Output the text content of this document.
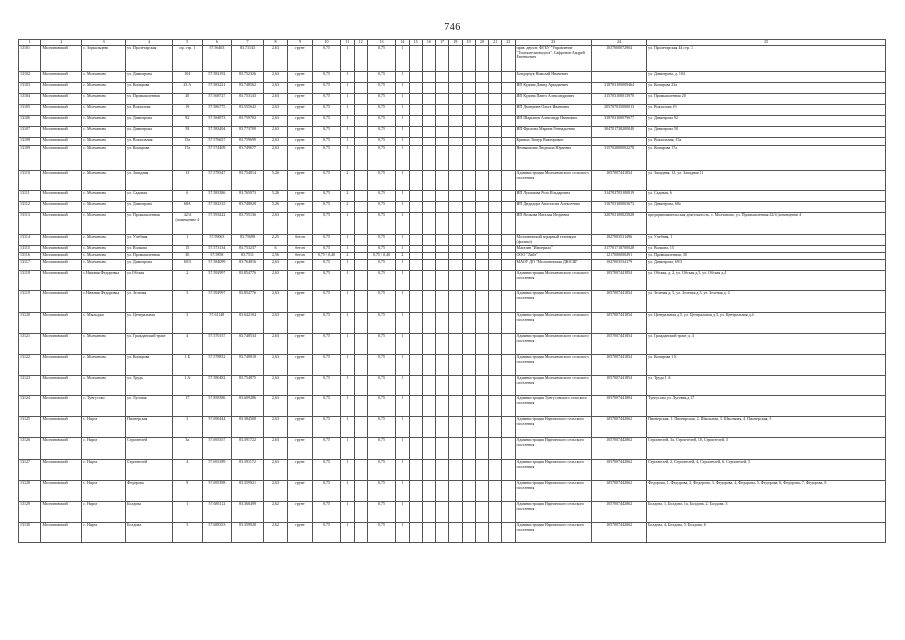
746
1	2	3	4	5	6	7	8	9	10	11	12	13	14	15	16	17	18	19	20	21	22	23	24	25
13101	Молчановский	с. Зоркальцево	ул. Пролетарская	пр. стр. 1	57.56463	83.73143	2,63	грунт	0,75	1		0,75	1									прав. двухэт. ФГБУ "Управление "Томскмелиоводхоз". Сафронов Андрей Евгеньевич	1037000072904	ул. Пролетарская 44 стр. 1
13102	Молчановский	с. Молчаново	ул. Димитрова	104	57.582192	83.752326	2,63	грунт	0,75	1		0,75	1									Бондарчук Николай Иванович		ул. Димитрова, д. 104
13103	Молчановский	с. Молчаново	ул. Комарова	23 А	57.583221	83.748562	2,63	грунт	0,75	1		0,75	1									ИП Кудина Давид Аркадьевич	318703100009464	ул. Комарова 23а
13104	Молчановский	с. Молчаново	ул. Промышленная	20	57.568727	83.753143	2,63	грунт	0,75	1		0,75	1									ИП Кудина Павел Александрович	315703100013970	ул. Промышленная 20
13105	Молчановский	с. Молчаново	ул. Вокзалова	19	57.586775	83.555643	2,63	грунт	0,75	1		0,75	1									ИП Дмитриев Ольга Ивановна	305707035000013	ул. Вокзалова 19
13106	Молчановский	с. Молчаново	ул. Димитрова	92	57.584873	83.759702	2,63	грунт	0,75	1		0,75	1									ИП Шарыпов Александр Иванович	318703100079677	ул. Димитрова 92
13107	Молчановский	с. Молчаново	ул. Димитрова	58	57.583494	83.773709	2,63	грунт	0,75	1		0,75	1									ИП Фролова Марина Геннадьевна	304701738200040	ул. Димитрова 58
13108	Молчановский	с. Молчаново	ул. Вокзальная	15а	57.576657	83.759699	2,63	грунт	0,75	1		0,75	1									Кривых Тимур Викторович		ул. Вокзальная, 15а
13109	Молчановский	с. Молчаново	ул. Комарова	17а	57.574409	83.749677	2,63	грунт	0,75	1		0,75	1									Немышкина Людмила Юрьевна	315702800002278	ул. Комарова 17а
13110	Молчановский	с. Молчаново	ул. Западная	13	57.578347	83.754814	5,26	грунт	0,75	2		0,75	1									Администрация Молчановского сельского поселения	1057007441854	ул. Западная, 13, ул. Западная 11
13111	Молчановский	с. Молчаново	ул. Садовая	6	57.583386	83.765073	5,26	грунт	0,75	2		0,75	1									ИП Лукашова Роза Ильдаровна	314703703100019	ул. Садовая, 6
13112	Молчановский	с. Молчаново	ул. Димитрова	68А	57.582315	83.748028	5,26	грунт	0,75	2		0,75	1									ИП Дидидора Анастасия Алексеевна	316703100003673	ул. Димитрова, 68а
13113	Молчановский	с. Молчаново	ул. Промышленная	42/4 (помещение 4	57.593422	83.755136	2,63	грунт	0,75	1		0,75	1									ИП Волкова Наталья Игоревна	320703100025828	предпринимательская деятельность, с. Молчаново, ул. Промышленная 42/4 (помещение 4
13114	Молчановский	с. Молчаново	ул. Учебная	1	57.59063	83.75698	2,25	бетон	0,75	1		0,75	1									Молчановский аграрный техникум (филиал)	1027003531496	ул. Учебная, 1
13115	Молчановский	с. Молчаново	ул. Волкова	15	57.573134	83.753237	6	бетон	0,75	1		0,75	1									Магазин "Империал"	317701718700028	ул. Волкова, 15
13116	Молчановский	с. Молчаново	ул. Промышленная	30	57.5858	83.7511	2,56	бетон	0,75 / 0,40	2		0,75 / 0,40	2									ООО "Лайт"	1217000000491	ул. Промышленная, 30
13117	Молчановский	с. Молчаново	ул. Димитрова	69/3	57.584099	83.764816	2,63	грунт	0,75	1		0,75	1									МАОУ ДО "Молчановская ДЮСШ"	1027003534179	ул. Димитрова, 69/3
13118	Молчановский	с.Нижняя Федоровка	ул.Обская	2	57.592997	83.854776	2,63	грунт	0,75	1		0,75	1									Администрация Молчановского сельского поселения	1057007441854	ул. Обская, д. 2, ул. Обская д.5, ул. Обская д.4
13119	Молчановский	с.Нижняя Федоровка	ул. Зеленая	5	57.592997	83.854776	2,63	грунт	0,75	1		0,75	1									Администрация Молчановского сельского поселения	1057007441854	ул. Зеленая д. 5, ул. Зеленая д.3, ул. Зеленая д. 4
13120	Молчановский	с. Мыльджа	ул. Центральная	5	57.61148	83.642104	2,63	грунт	0,75	1		0,75	1									Администрация Молчановского сельского поселения	1057007441854	ул. Центральная д.5, ул. Центральная д.3, ул. Центральная д.4
13121	Молчановский	с. Молчаново	ул. Гражданский тракт	4	57.570157	83.748534	2,63	грунт	0,75	1		0,75	1									Администрация Молчановского сельского поселения	1057007441854	ул. Гражданский тракт д. 4
13122	Молчановский	с. Молчаново	ул. Комарова	1 Б	57.578852	83.748018	2,63	грунт	0,75	1		0,75	1									Администрация Молчановского сельского поселения	1057007441854	ул. Комарова 1 Б
13123	Молчановский	с. Молчаново	ул. Труда	1 А	57.580482	83.754875	2,63	грунт	0,75	1		0,75	1									Администрация Молчановского сельского поселения	1057007441854	ул. Труда 1 А
13124	Молчановский	с. Тунгусово	ул. Луговая	17	57.858386	83.609286	2,63	грунт	0,75	1		0,75	1									Администрация Тунгусовского сельского поселения	1057007441804	Тунгусово ул. Луговая,д.17
13125	Молчановский	с. Нарга	Пионерская	5	57.696444	83.384508	2,63	грунт	0,75	1		0,75	1									Администрация Наргинского сельского поселения	1057007442062	Пионерская, 1. Пионерская, 2. Школьная, 3. Школьная, 4. Пионерская, 5
13126	Молчановский	с. Нарга	Строителей	3а	57.695357	83.391722	2,63	грунт	0,75	1		0,75	1									Администрация Наргинского сельского поселения	1057007442062	Строителей, 3а, Строителей, 10, Строителей, 3
13127	Молчановский	с. Нарга	Строителей	4	57.693189	83.391172	2,63	грунт	0,75	1		0,75	1									Администрация Наргинского сельского поселения	1057007442062	Строителей, 2, Строителей, 4, Строителей, 6. Строителей, 5
13128	Молчановский	с. Нарга	Федорова	9	57.695398	83.359921	2,63	грунт	0,75	1		0,75	1									Администрация Наргинского сельского поселения	1057007442062	Федорова, 1, Федорова, 2, Федорова, 3, Федорова, 4, Федорова, 5, Федорова, 6, Федорова, 7, Федорова, 8
13129	Молчановский	с. Нарга	Болдова	1	57.685112	83.360499	2,62	грунт	0,75	1		0,75	1									Администрация Наргинского сельского поселения	1057007442062	Болдова, 1, Болдова, 1а, Болдова, 2, Болдова, 3
13130	Молчановский	с. Нарга	Болдова	5	57.688353	83.359928	2,62	грунт	0,75	1		0,75	1									Администрация Наргинского сельского поселения	1057007442062	Болдова, 4, Болдова, 5. Болдова, 6
